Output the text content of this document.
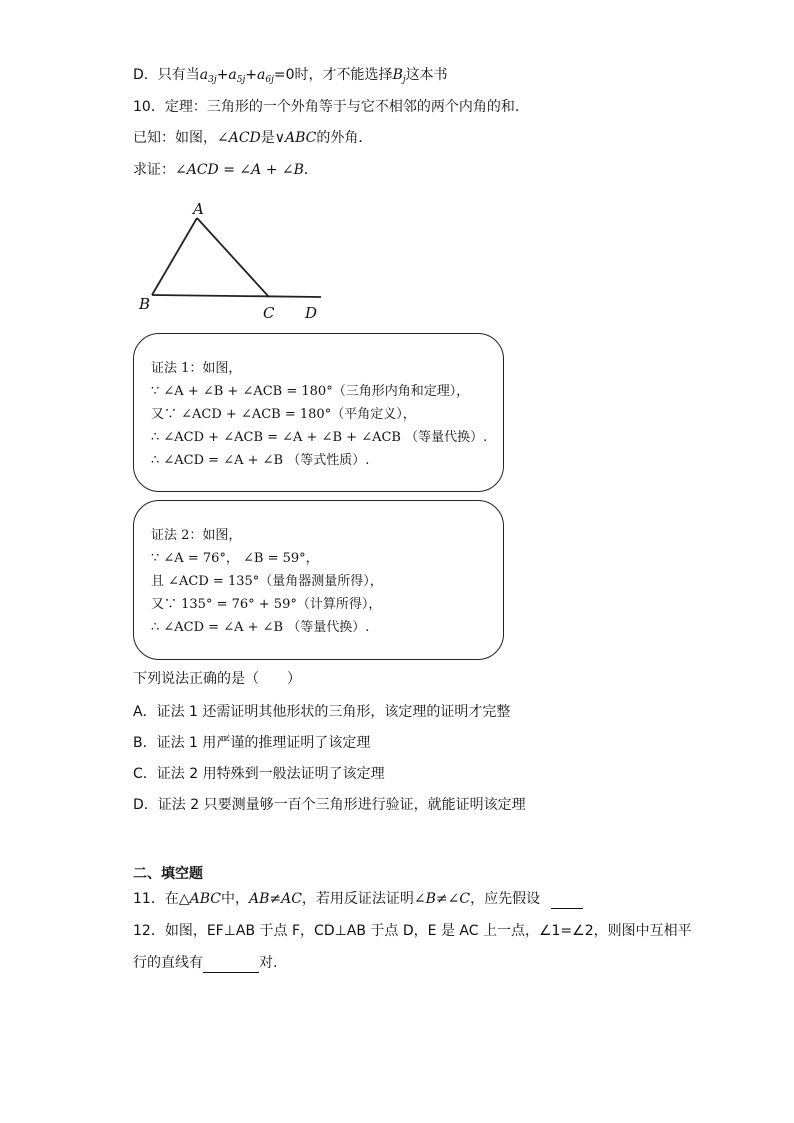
D．只有当$a_{3j}+a_{5j}+a_{6j}=0$时，才不能选择$B_j$这本书
10．定理：三角形的一个外角等于与它不相邻的两个内角的和．
已知：如图，∠ACD是∨ABC的外角．
求证：∠ACD = ∠A + ∠B．
A
B	C D
证法 1：如图，
∵ ∠A + ∠B + ∠ACB = 180°（三角形内角和定理），
又∵ ∠ACD + ∠ACB = 180°（平角定义），
∴ ∠ACD + ∠ACB = ∠A + ∠B + ∠ACB （等量代换）.
∴ ∠ACD = ∠A + ∠B （等式性质）.
证法 2：如图，
∵ ∠A = 76°， ∠B = 59°，
且 ∠ACD = 135°（量角器测量所得），
又∵ 135° = 76° + 59°（计算所得），
∴ ∠ACD = ∠A + ∠B （等量代换）.
下列说法正确的是（　　）
A．证法 1 还需证明其他形状的三角形，该定理的证明才完整
B．证法 1 用严谨的推理证明了该定理
C．证法 2 用特殊到一般法证明了该定理
D．证法 2 只要测量够一百个三角形进行验证，就能证明该定理
二、填空题
11．在△ABC中，AB≠AC，若用反证法证明∠B≠∠C，应先假设
12．如图，EF⊥AB 于点 F，CD⊥AB 于点 D，E 是 AC 上一点，∠1=∠2，则图中互相平
行的直线有	对.
